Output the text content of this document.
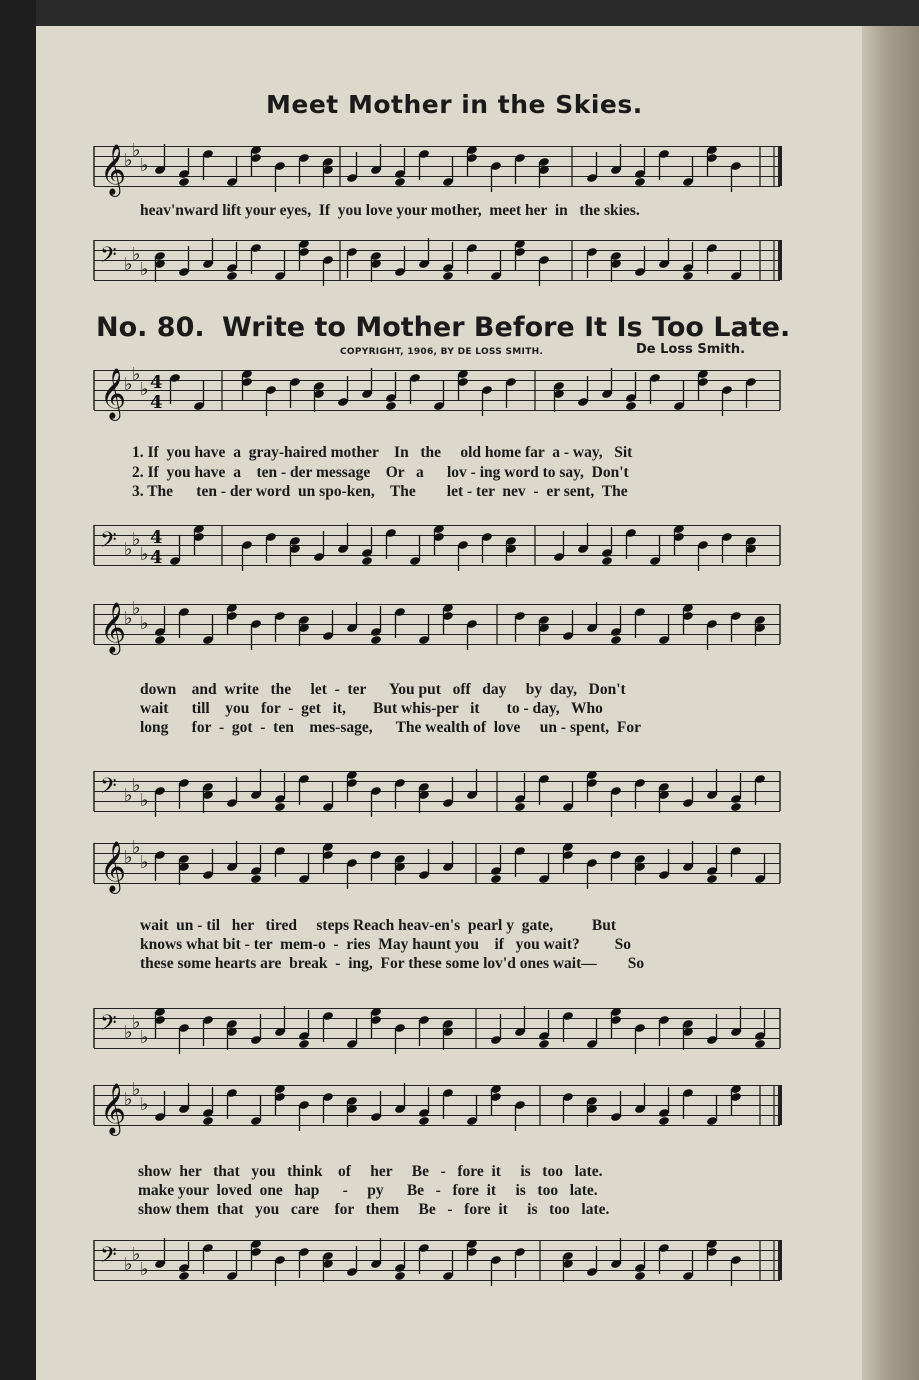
Meet Mother in the Skies.
heav'nward lift your eyes,  If  you love your mother,  meet her  in   the skies.
No. 80. Write to Mother Before It Is Too Late.
COPYRIGHT, 1906, BY DE LOSS SMITH.	De Loss Smith.
1. If  you have  a  gray-haired mother    In   the     old home far  a - way,   Sit
2. If  you have  a    ten - der message    Or   a      lov - ing word to say,  Don't
3. The      ten - der word  un spo-ken,    The        let - ter  nev  -  er sent,  The
down    and  write   the     let  -  ter      You put   off   day     by  day,   Don't
wait      till    you   for  -  get   it,       But whis-per   it       to - day,   Who
long      for  -  got  -  ten    mes-sage,      The wealth of  love     un - spent,  For
wait  un - til   her   tired     steps Reach heav-en's  pearl y  gate,          But
knows what bit - ter  mem-o  -  ries  May haunt you    if   you wait?         So
these some hearts are  break  -  ing,  For these some lov'd ones wait—        So
show  her   that   you   think    of     her     Be   -   fore  it     is   too   late.
make your  loved  one   hap      -     py      Be   -   fore  it     is   too   late.
show them  that   you   care    for   them     Be   -   fore  it     is   too   late.
𝄞
♭ ♭
♭
𝄢 ♭ ♭
♭
𝄞
♭ ♭
♭ 4
4
𝄢 ♭ ♭
♭
4
4
𝄞
♭ ♭
♭
𝄢 ♭ ♭
♭
𝄞
♭ ♭
♭
𝄢 ♭ ♭
♭
𝄞
♭ ♭
♭
𝄢 ♭ ♭
♭
